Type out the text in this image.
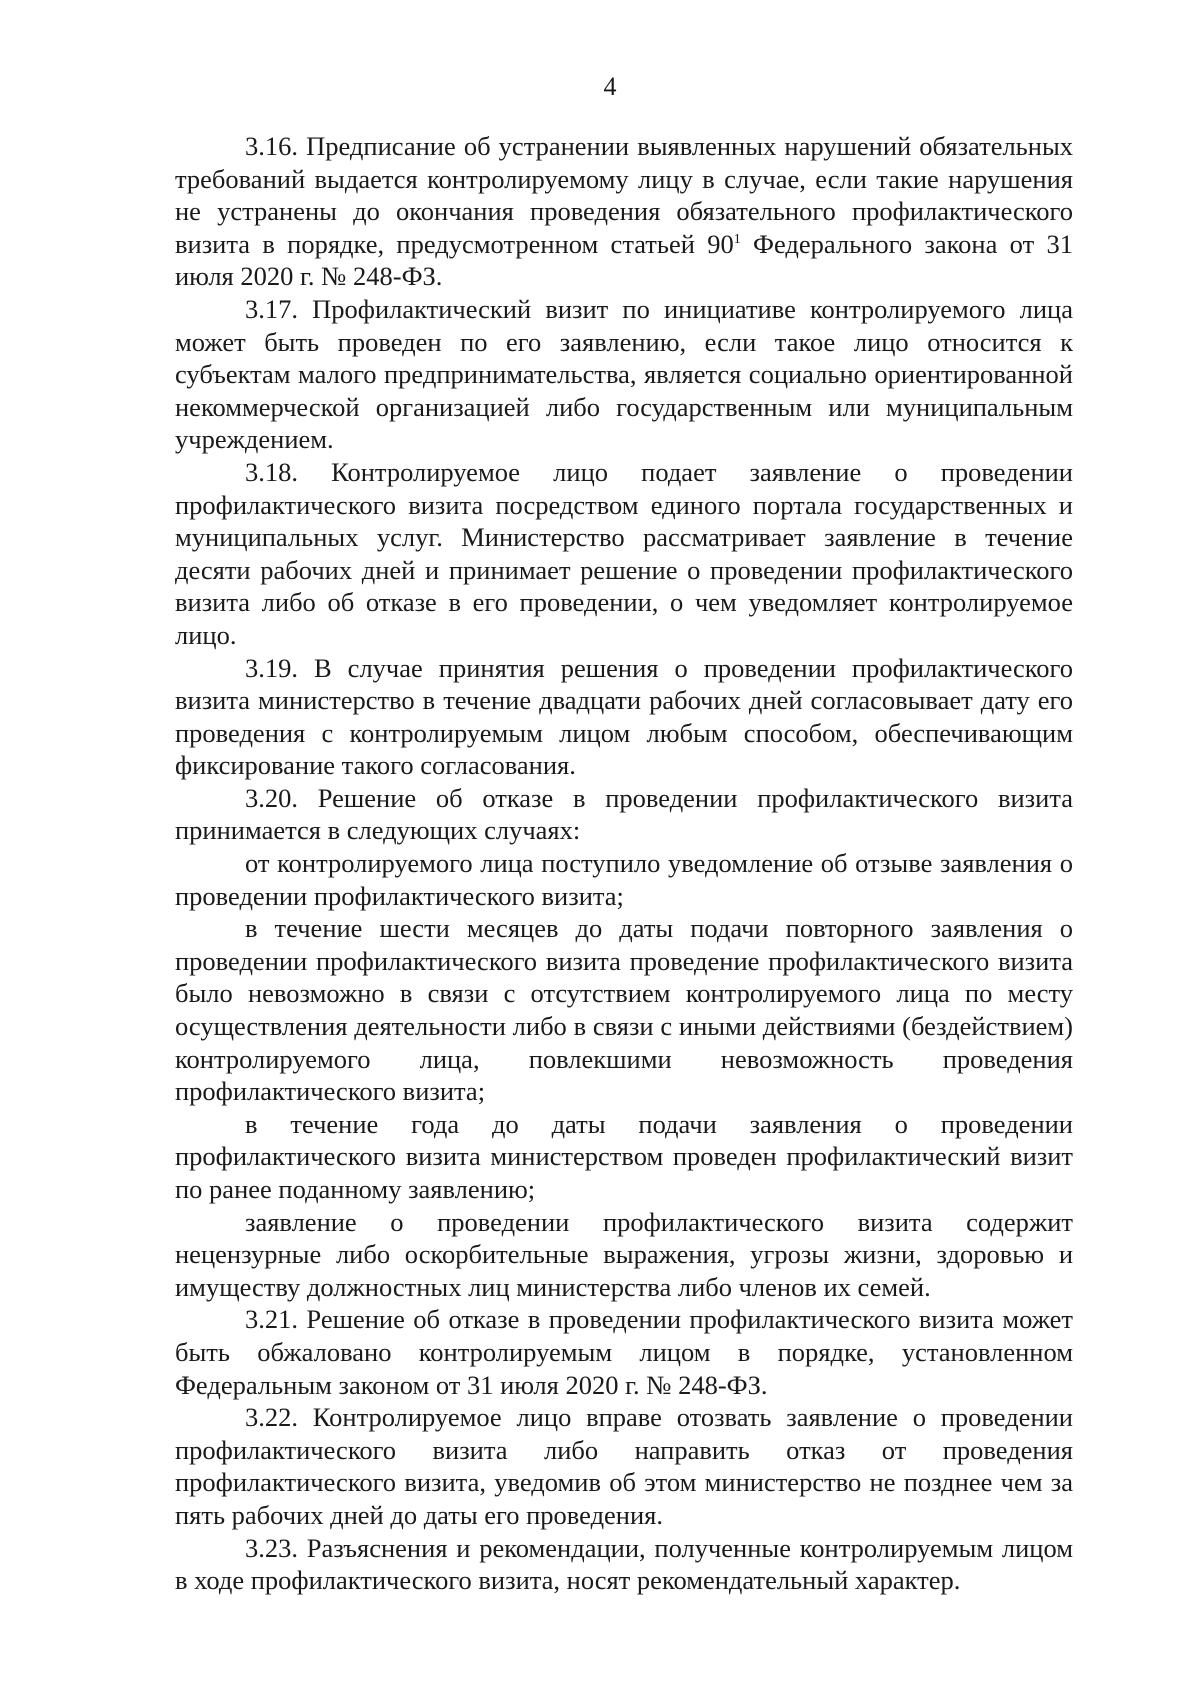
4

3.16. Предписание об устранении выявленных нарушений обязательных требований выдается контролируемому лицу в случае, если такие нарушения не устранены до окончания проведения обязательного профилактического визита в порядке, предусмотренном статьей 90$^1$ Федерального закона от 31 июля 2020 г. № 248-ФЗ.

3.17. Профилактический визит по инициативе контролируемого лица может быть проведен по его заявлению, если такое лицо относится к субъектам малого предпринимательства, является социально ориентированной некоммерческой организацией либо государственным или муниципальным учреждением.

3.18. Контролируемое лицо подает заявление о проведении профилактического визита посредством единого портала государственных и муниципальных услуг. Министерство рассматривает заявление в течение десяти рабочих дней и принимает решение о проведении профилактического визита либо об отказе в его проведении, о чем уведомляет контролируемое лицо.

3.19. В случае принятия решения о проведении профилактического визита министерство в течение двадцати рабочих дней согласовывает дату его проведения с контролируемым лицом любым способом, обеспечивающим фиксирование такого согласования.

3.20. Решение об отказе в проведении профилактического визита принимается в следующих случаях:

от контролируемого лица поступило уведомление об отзыве заявления о проведении профилактического визита;

в течение шести месяцев до даты подачи повторного заявления о проведении профилактического визита проведение профилактического визита было невозможно в связи с отсутствием контролируемого лица по месту осуществления деятельности либо в связи с иными действиями (бездействием) контролируемого лица, повлекшими невозможность проведения профилактического визита;

в течение года до даты подачи заявления о проведении профилактического визита министерством проведен профилактический визит по ранее поданному заявлению;

заявление о проведении профилактического визита содержит нецензурные либо оскорбительные выражения, угрозы жизни, здоровью и имуществу должностных лиц министерства либо членов их семей.

3.21. Решение об отказе в проведении профилактического визита может быть обжаловано контролируемым лицом в порядке, установленном Федеральным законом от 31 июля 2020 г. № 248-ФЗ.

3.22. Контролируемое лицо вправе отозвать заявление о проведении профилактического визита либо направить отказ от проведения профилактического визита, уведомив об этом министерство не позднее чем за пять рабочих дней до даты его проведения.

3.23. Разъяснения и рекомендации, полученные контролируемым лицом в ходе профилактического визита, носят рекомендательный характер.
